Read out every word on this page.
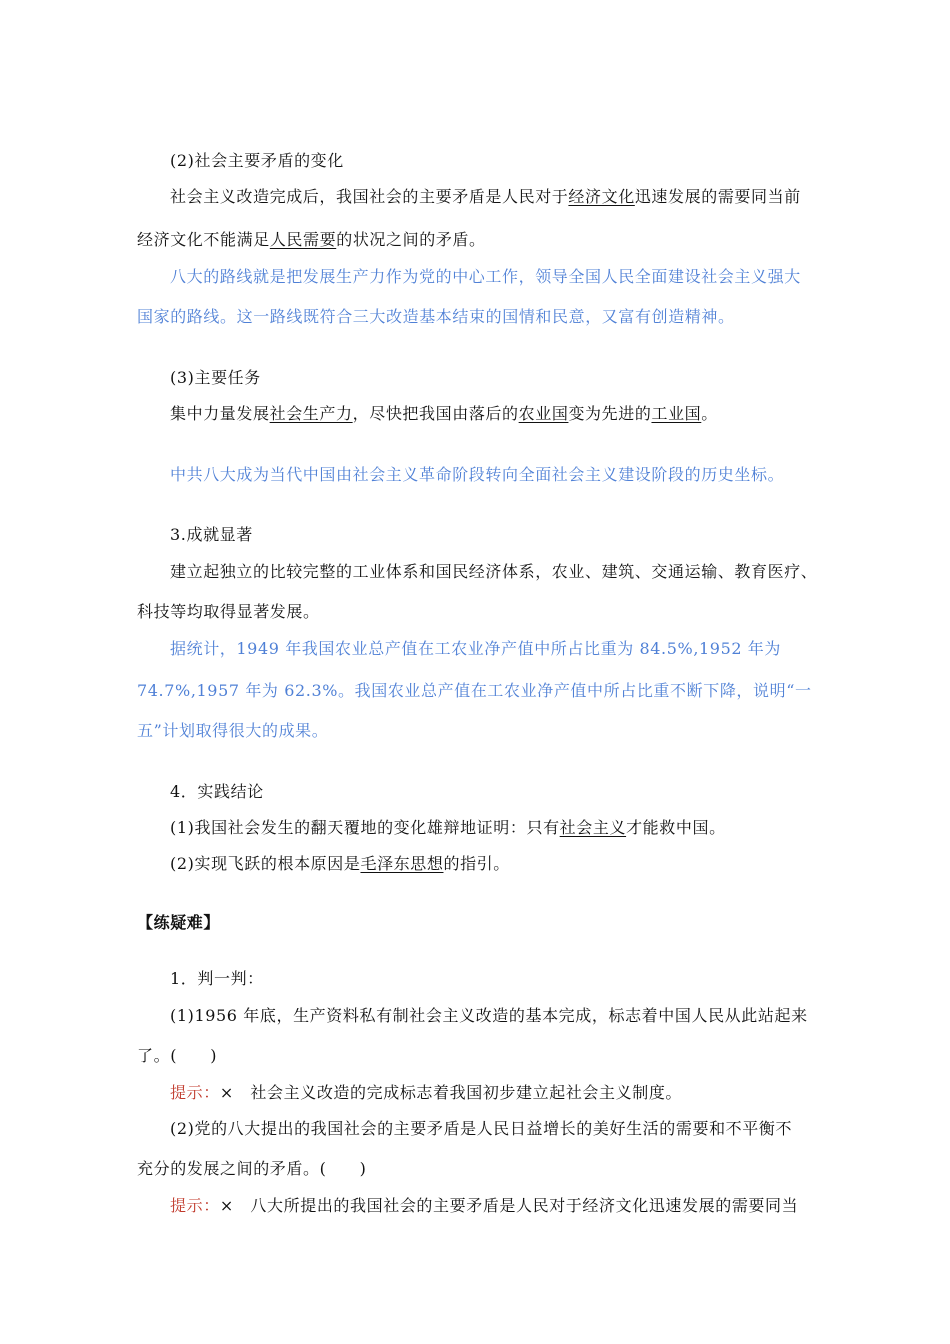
(2)社会主要矛盾的变化
社会主义改造完成后，我国社会的主要矛盾是人民对于经济文化迅速发展的需要同当前
经济文化不能满足人民需要的状况之间的矛盾。
八大的路线就是把发展生产力作为党的中心工作，领导全国人民全面建设社会主义强大
国家的路线。这一路线既符合三大改造基本结束的国情和民意，又富有创造精神。
(3)主要任务
集中力量发展社会生产力，尽快把我国由落后的农业国变为先进的工业国。
中共八大成为当代中国由社会主义革命阶段转向全面社会主义建设阶段的历史坐标。
3.成就显著
建立起独立的比较完整的工业体系和国民经济体系，农业、建筑、交通运输、教育医疗、
科技等均取得显著发展。
据统计，1949 年我国农业总产值在工农业净产值中所占比重为 84.5%,1952 年为
74.7%,1957 年为 62.3%。我国农业总产值在工农业净产值中所占比重不断下降，说明“一
五”计划取得很大的成果。
4．实践结论
(1)我国社会发生的翻天覆地的变化雄辩地证明：只有社会主义才能救中国。
(2)实现飞跃的根本原因是毛泽东思想的指引。
【练疑难】
1．判一判：
(1)1956 年底，生产资料私有制社会主义改造的基本完成，标志着中国人民从此站起来
了。(　　)
提示：×　社会主义改造的完成标志着我国初步建立起社会主义制度。
(2)党的八大提出的我国社会的主要矛盾是人民日益增长的美好生活的需要和不平衡不
充分的发展之间的矛盾。(　　)
提示：×　八大所提出的我国社会的主要矛盾是人民对于经济文化迅速发展的需要同当
